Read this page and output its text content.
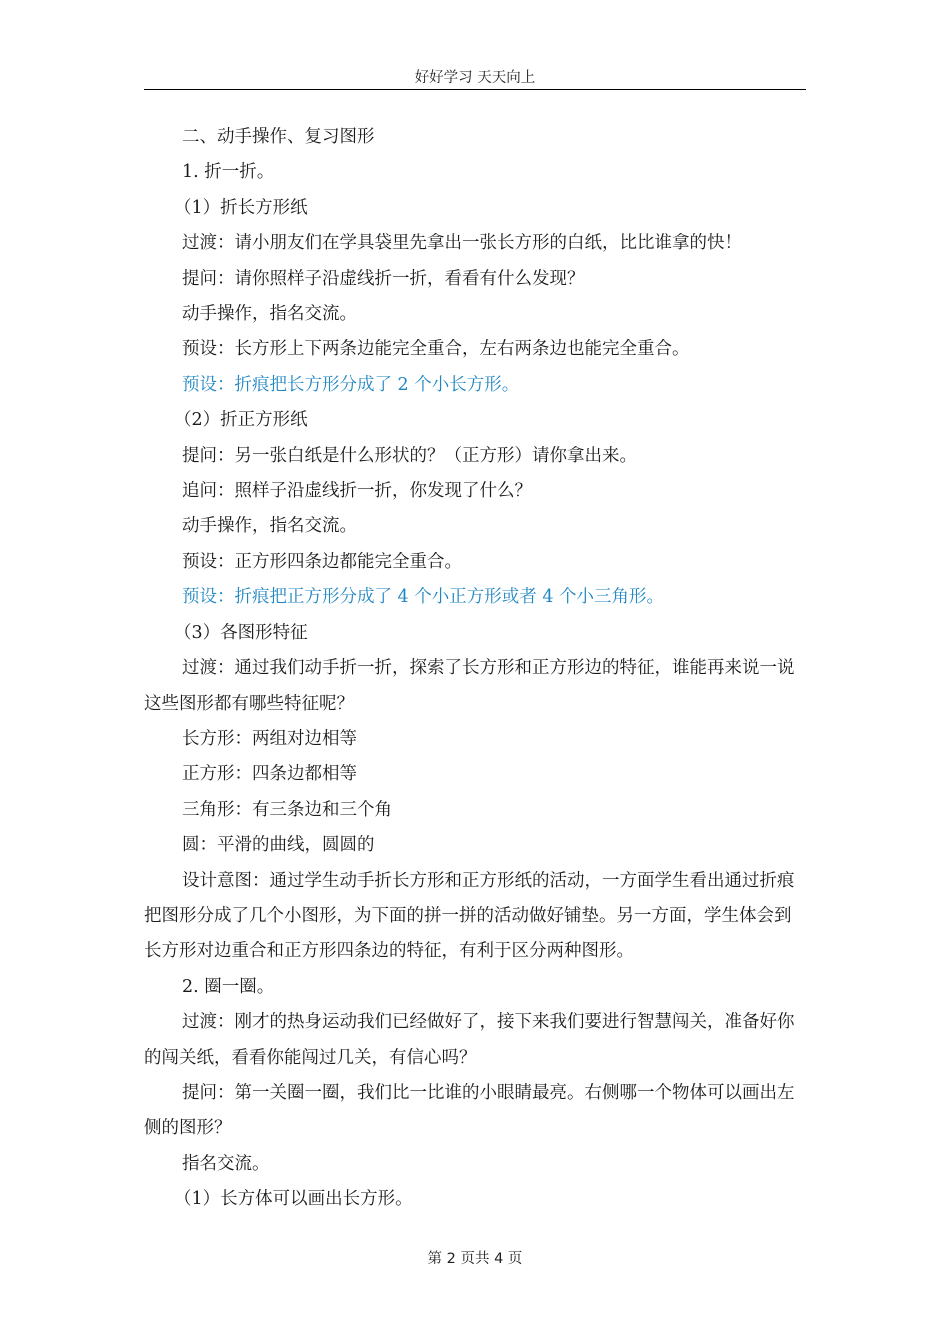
好好学习 天天向上

二、动手操作、复习图形

1. 折一折。

（1）折长方形纸

过渡：请小朋友们在学具袋里先拿出一张长方形的白纸，比比谁拿的快！

提问：请你照样子沿虚线折一折，看看有什么发现？

动手操作，指名交流。

预设：长方形上下两条边能完全重合，左右两条边也能完全重合。

预设：折痕把长方形分成了 2 个小长方形。

（2）折正方形纸

提问：另一张白纸是什么形状的？（正方形）请你拿出来。

追问：照样子沿虚线折一折，你发现了什么？

动手操作，指名交流。

预设：正方形四条边都能完全重合。

预设：折痕把正方形分成了 4 个小正方形或者 4 个小三角形。

（3）各图形特征

过渡：通过我们动手折一折，探索了长方形和正方形边的特征，谁能再来说一说这些图形都有哪些特征呢？

长方形：两组对边相等

正方形：四条边都相等

三角形：有三条边和三个角

圆：平滑的曲线，圆圆的

设计意图：通过学生动手折长方形和正方形纸的活动，一方面学生看出通过折痕把图形分成了几个小图形，为下面的拼一拼的活动做好铺垫。另一方面，学生体会到长方形对边重合和正方形四条边的特征，有利于区分两种图形。

2. 圈一圈。

过渡：刚才的热身运动我们已经做好了，接下来我们要进行智慧闯关，准备好你的闯关纸，看看你能闯过几关，有信心吗？

提问：第一关圈一圈，我们比一比谁的小眼睛最亮。右侧哪一个物体可以画出左侧的图形？

指名交流。

（1）长方体可以画出长方形。

第 2 页共 4 页
